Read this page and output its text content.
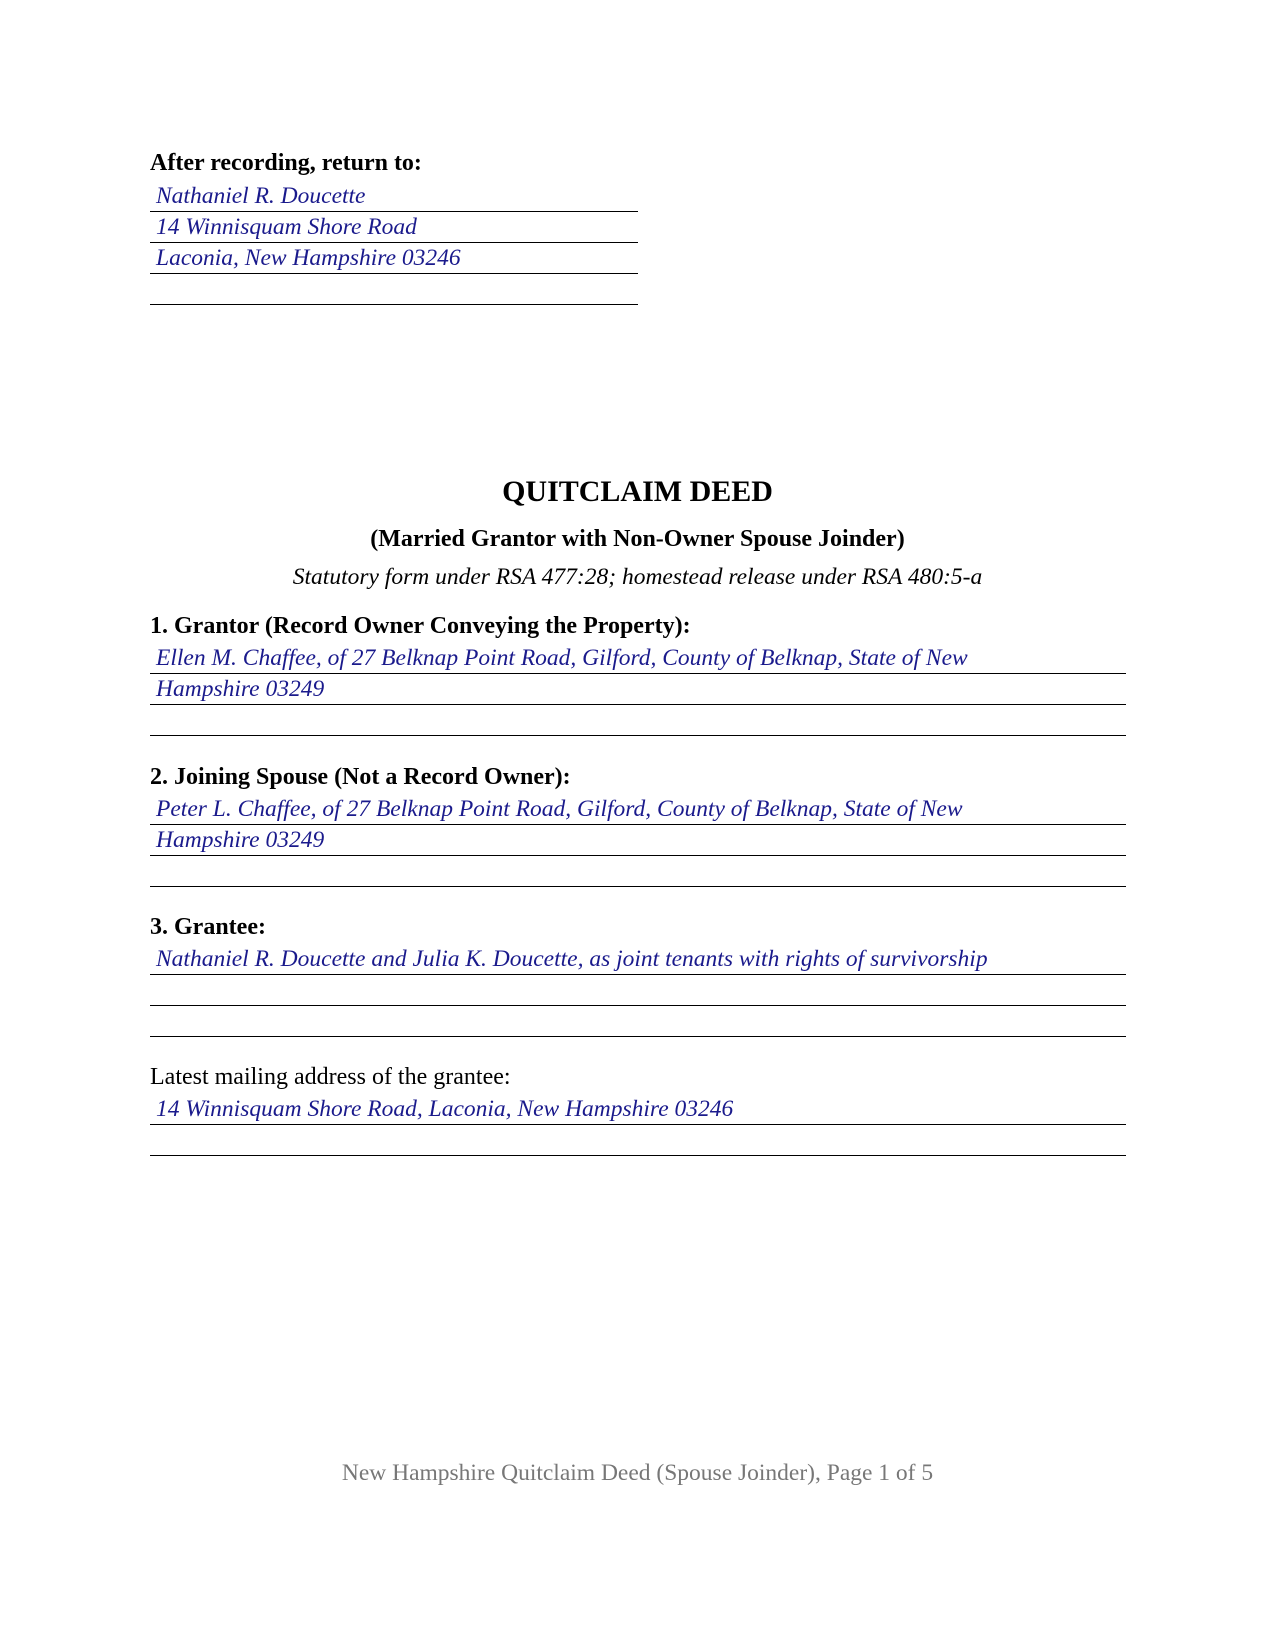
After recording, return to:
Nathaniel R. Doucette
14 Winnisquam Shore Road
Laconia, New Hampshire 03246
QUITCLAIM DEED
(Married Grantor with Non-Owner Spouse Joinder)
Statutory form under RSA 477:28; homestead release under RSA 480:5-a
1. Grantor (Record Owner Conveying the Property):
Ellen M. Chaffee, of 27 Belknap Point Road, Gilford, County of Belknap, State of New
Hampshire 03249
2. Joining Spouse (Not a Record Owner):
Peter L. Chaffee, of 27 Belknap Point Road, Gilford, County of Belknap, State of New
Hampshire 03249
3. Grantee:
Nathaniel R. Doucette and Julia K. Doucette, as joint tenants with rights of survivorship
Latest mailing address of the grantee:
14 Winnisquam Shore Road, Laconia, New Hampshire 03246
New Hampshire Quitclaim Deed (Spouse Joinder), Page 1 of 5
